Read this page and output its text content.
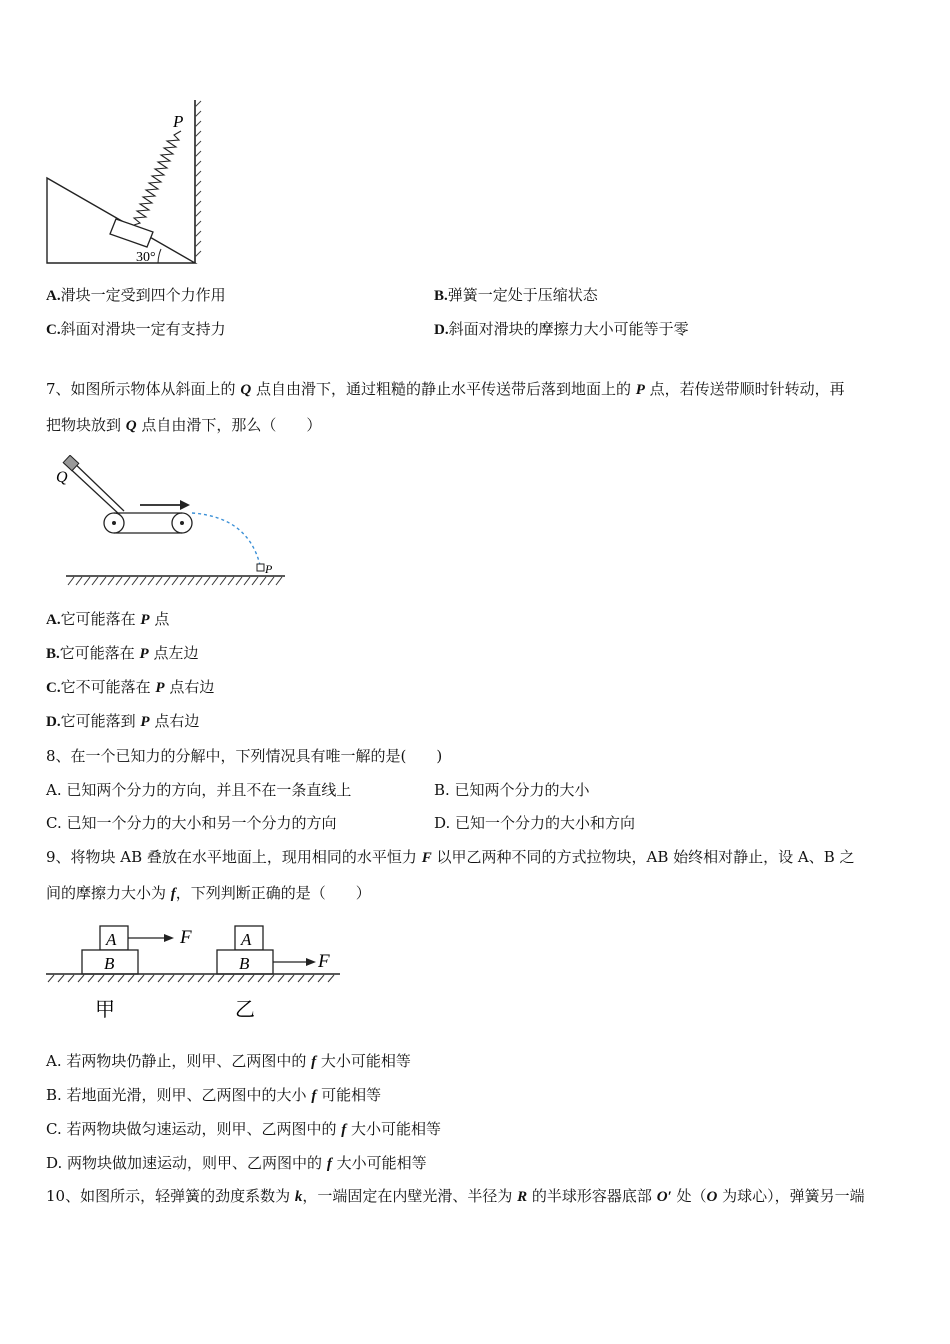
30°
P
A.滑块一定受到四个力作用	B.弹簧一定处于压缩状态
C.斜面对滑块一定有支持力	D.斜面对滑块的摩擦力大小可能等于零
7、如图所示物体从斜面上的 Q 点自由滑下，通过粗糙的静止水平传送带后落到地面上的 P 点，若传送带顺时针转动，再
把物块放到 Q 点自由滑下，那么（　　）
Q
P
A.它可能落在 P 点
B.它可能落在 P 点左边
C.它不可能落在 P 点右边
D.它可能落到 P 点右边
8、在一个已知力的分解中，下列情况具有唯一解的是(　　)
A. 已知两个分力的方向，并且不在一条直线上	B. 已知两个分力的大小
C. 已知一个分力的大小和另一个分力的方向	D. 已知一个分力的大小和方向
9、将物块 AB 叠放在水平地面上，现用相同的水平恒力 F 以甲乙两种不同的方式拉物块，AB 始终相对静止，设 A、B 之
间的摩擦力大小为 f，下列判断正确的是（　　）
A
B
F	A
B	F
甲	乙
A. 若两物块仍静止，则甲、乙两图中的 f 大小可能相等
B. 若地面光滑，则甲、乙两图中的大小 f 可能相等
C. 若两物块做匀速运动，则甲、乙两图中的 f 大小可能相等
D. 两物块做加速运动，则甲、乙两图中的 f 大小可能相等
10、如图所示，轻弹簧的劲度系数为 k，一端固定在内壁光滑、半径为 R 的半球形容器底部 O′ 处（O 为球心），弹簧另一端
